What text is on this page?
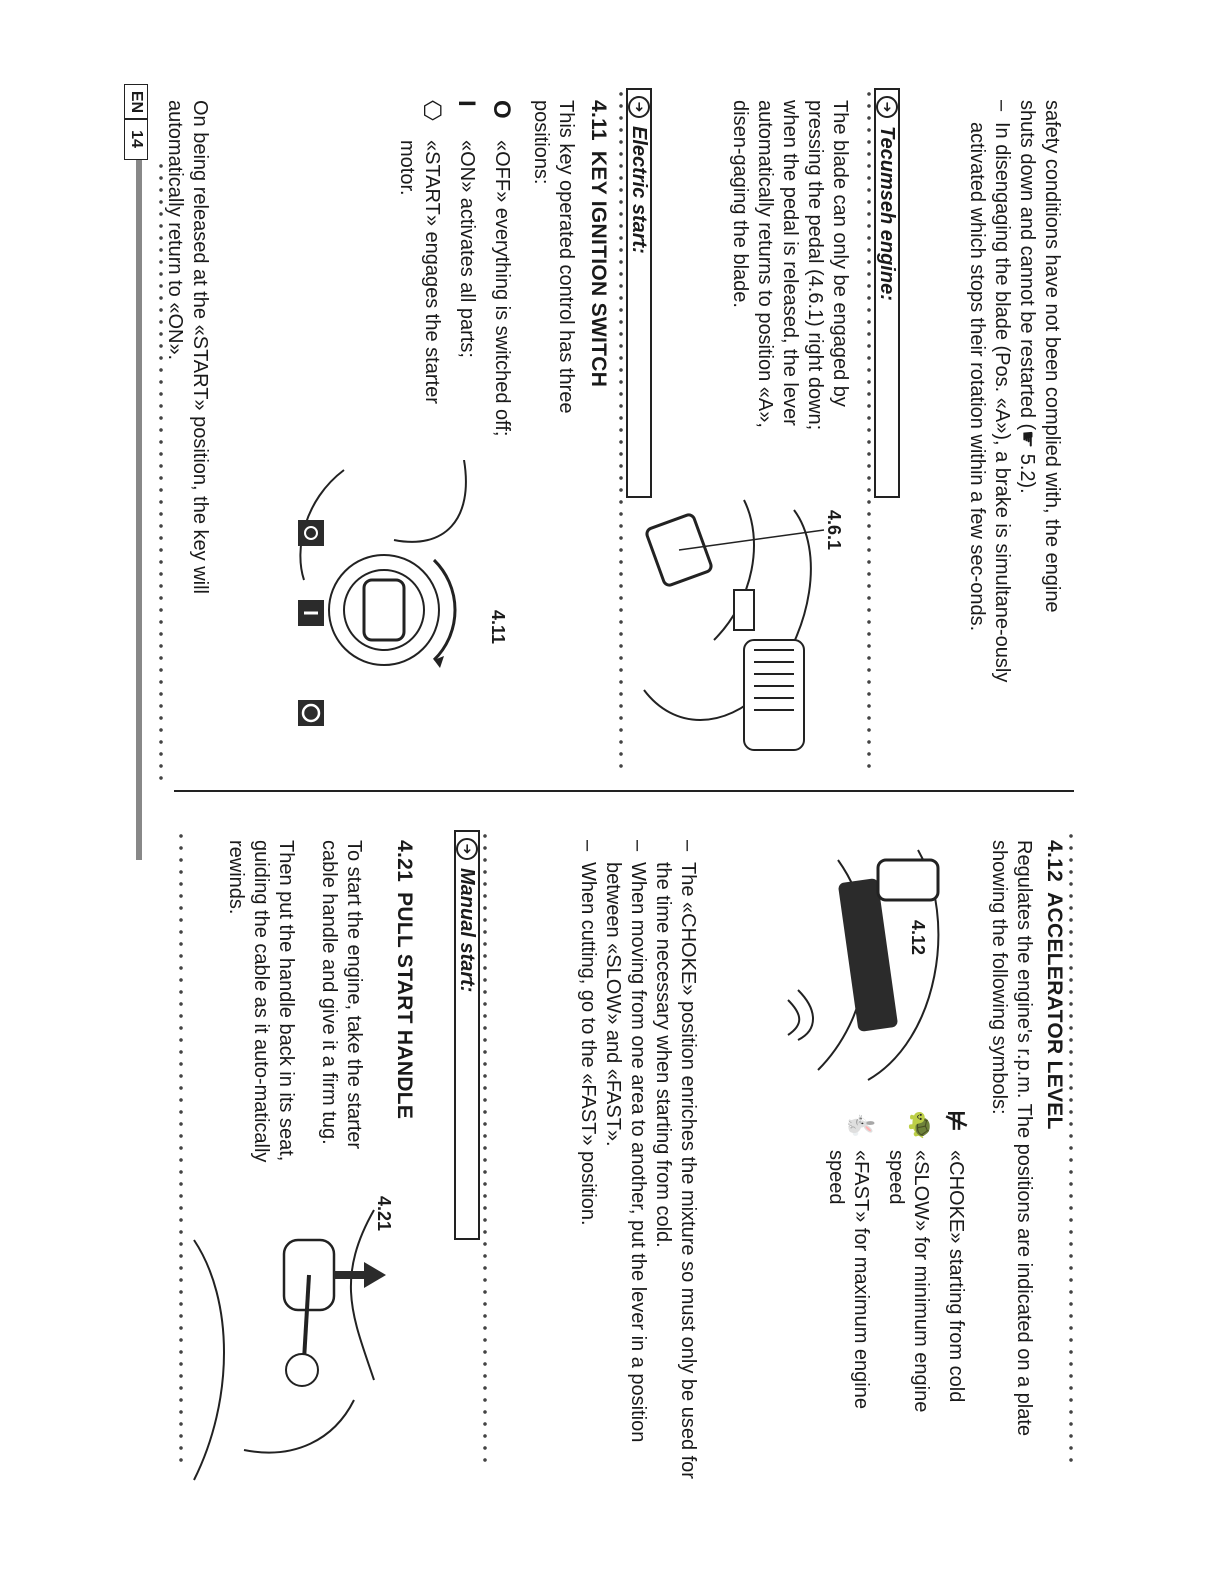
safety conditions have not been complied with, the engine

shuts down and cannot be restarted (☛ 5.2).

– In disengaging the blade (Pos. «A»), a brake is simultane-ously activated which stops their rotation within a few sec-onds.

➜
Tecumseh engine:

The blade can only be engaged by pressing the pedal (4.6.1) right down; when the pedal is released, the lever automatically returns to position «A», disen-gaging the blade.

4.6.1
➜
Electric start:
4.11KEY IGNITION SWITCH

This key operated control has three positions:

O
«OFF» everything is switched off;
I
«ON» activates all parts;
⎔
«START» engages the starter motor.

On being released at the «START» position, the key will automatically return to «ON».

4.11
4.12ACCELERATOR LEVEL

Regulates the engine's r.p.m. The positions are indicated on a plate showing the following symbols:

4.12
⊭
«CHOKE» starting from cold
🐢
«SLOW» for minimum engine speed
🐇
«FAST» for maximum engine speed

– The «CHOKE» position enriches the mixture so must only be used for the time necessary when starting from cold.

– When moving from one area to another, put the lever in a position between «SLOW» and «FAST».

– When cutting, go to the «FAST» position.

➜
Manual start:
4.21PULL START HANDLE

To start the engine, take the starter cable handle and give it a firm tug.

Then put the handle back in its seat, guiding the cable as it auto-matically rewinds.

4.21
EN
14
